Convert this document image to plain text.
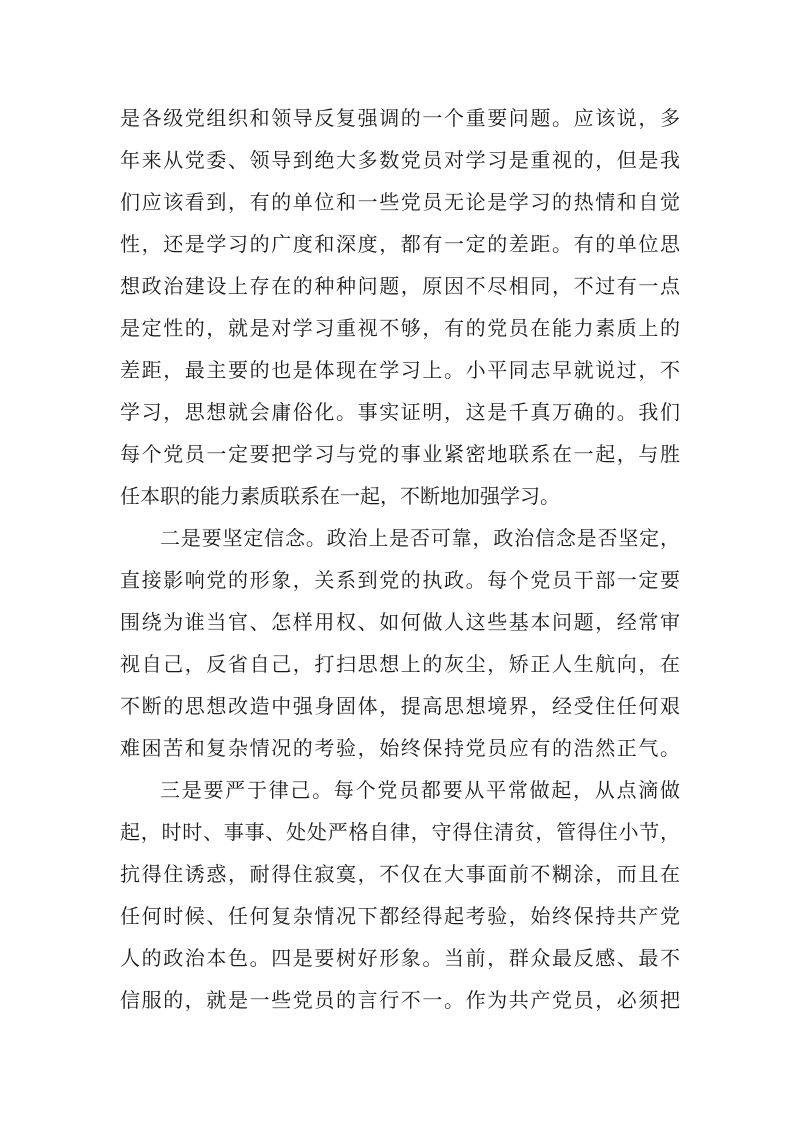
是各级党组织和领导反复强调的一个重要问题。应该说，多
年来从党委、领导到绝大多数党员对学习是重视的，但是我
们应该看到，有的单位和一些党员无论是学习的热情和自觉
性，还是学习的广度和深度，都有一定的差距。有的单位思
想政治建设上存在的种种问题，原因不尽相同，不过有一点
是定性的，就是对学习重视不够，有的党员在能力素质上的
差距，最主要的也是体现在学习上。小平同志早就说过，不
学习，思想就会庸俗化。事实证明，这是千真万确的。我们
每个党员一定要把学习与党的事业紧密地联系在一起，与胜
任本职的能力素质联系在一起，不断地加强学习。
二是要坚定信念。政治上是否可靠，政治信念是否坚定，
直接影响党的形象，关系到党的执政。每个党员干部一定要
围绕为谁当官、怎样用权、如何做人这些基本问题，经常审
视自己，反省自己，打扫思想上的灰尘，矫正人生航向，在
不断的思想改造中强身固体，提高思想境界，经受住任何艰
难困苦和复杂情况的考验，始终保持党员应有的浩然正气。
三是要严于律己。每个党员都要从平常做起，从点滴做
起，时时、事事、处处严格自律，守得住清贫，管得住小节，
抗得住诱惑，耐得住寂寞，不仅在大事面前不糊涂，而且在
任何时候、任何复杂情况下都经得起考验，始终保持共产党
人的政治本色。四是要树好形象。当前，群众最反感、最不
信服的，就是一些党员的言行不一。作为共产党员，必须把
